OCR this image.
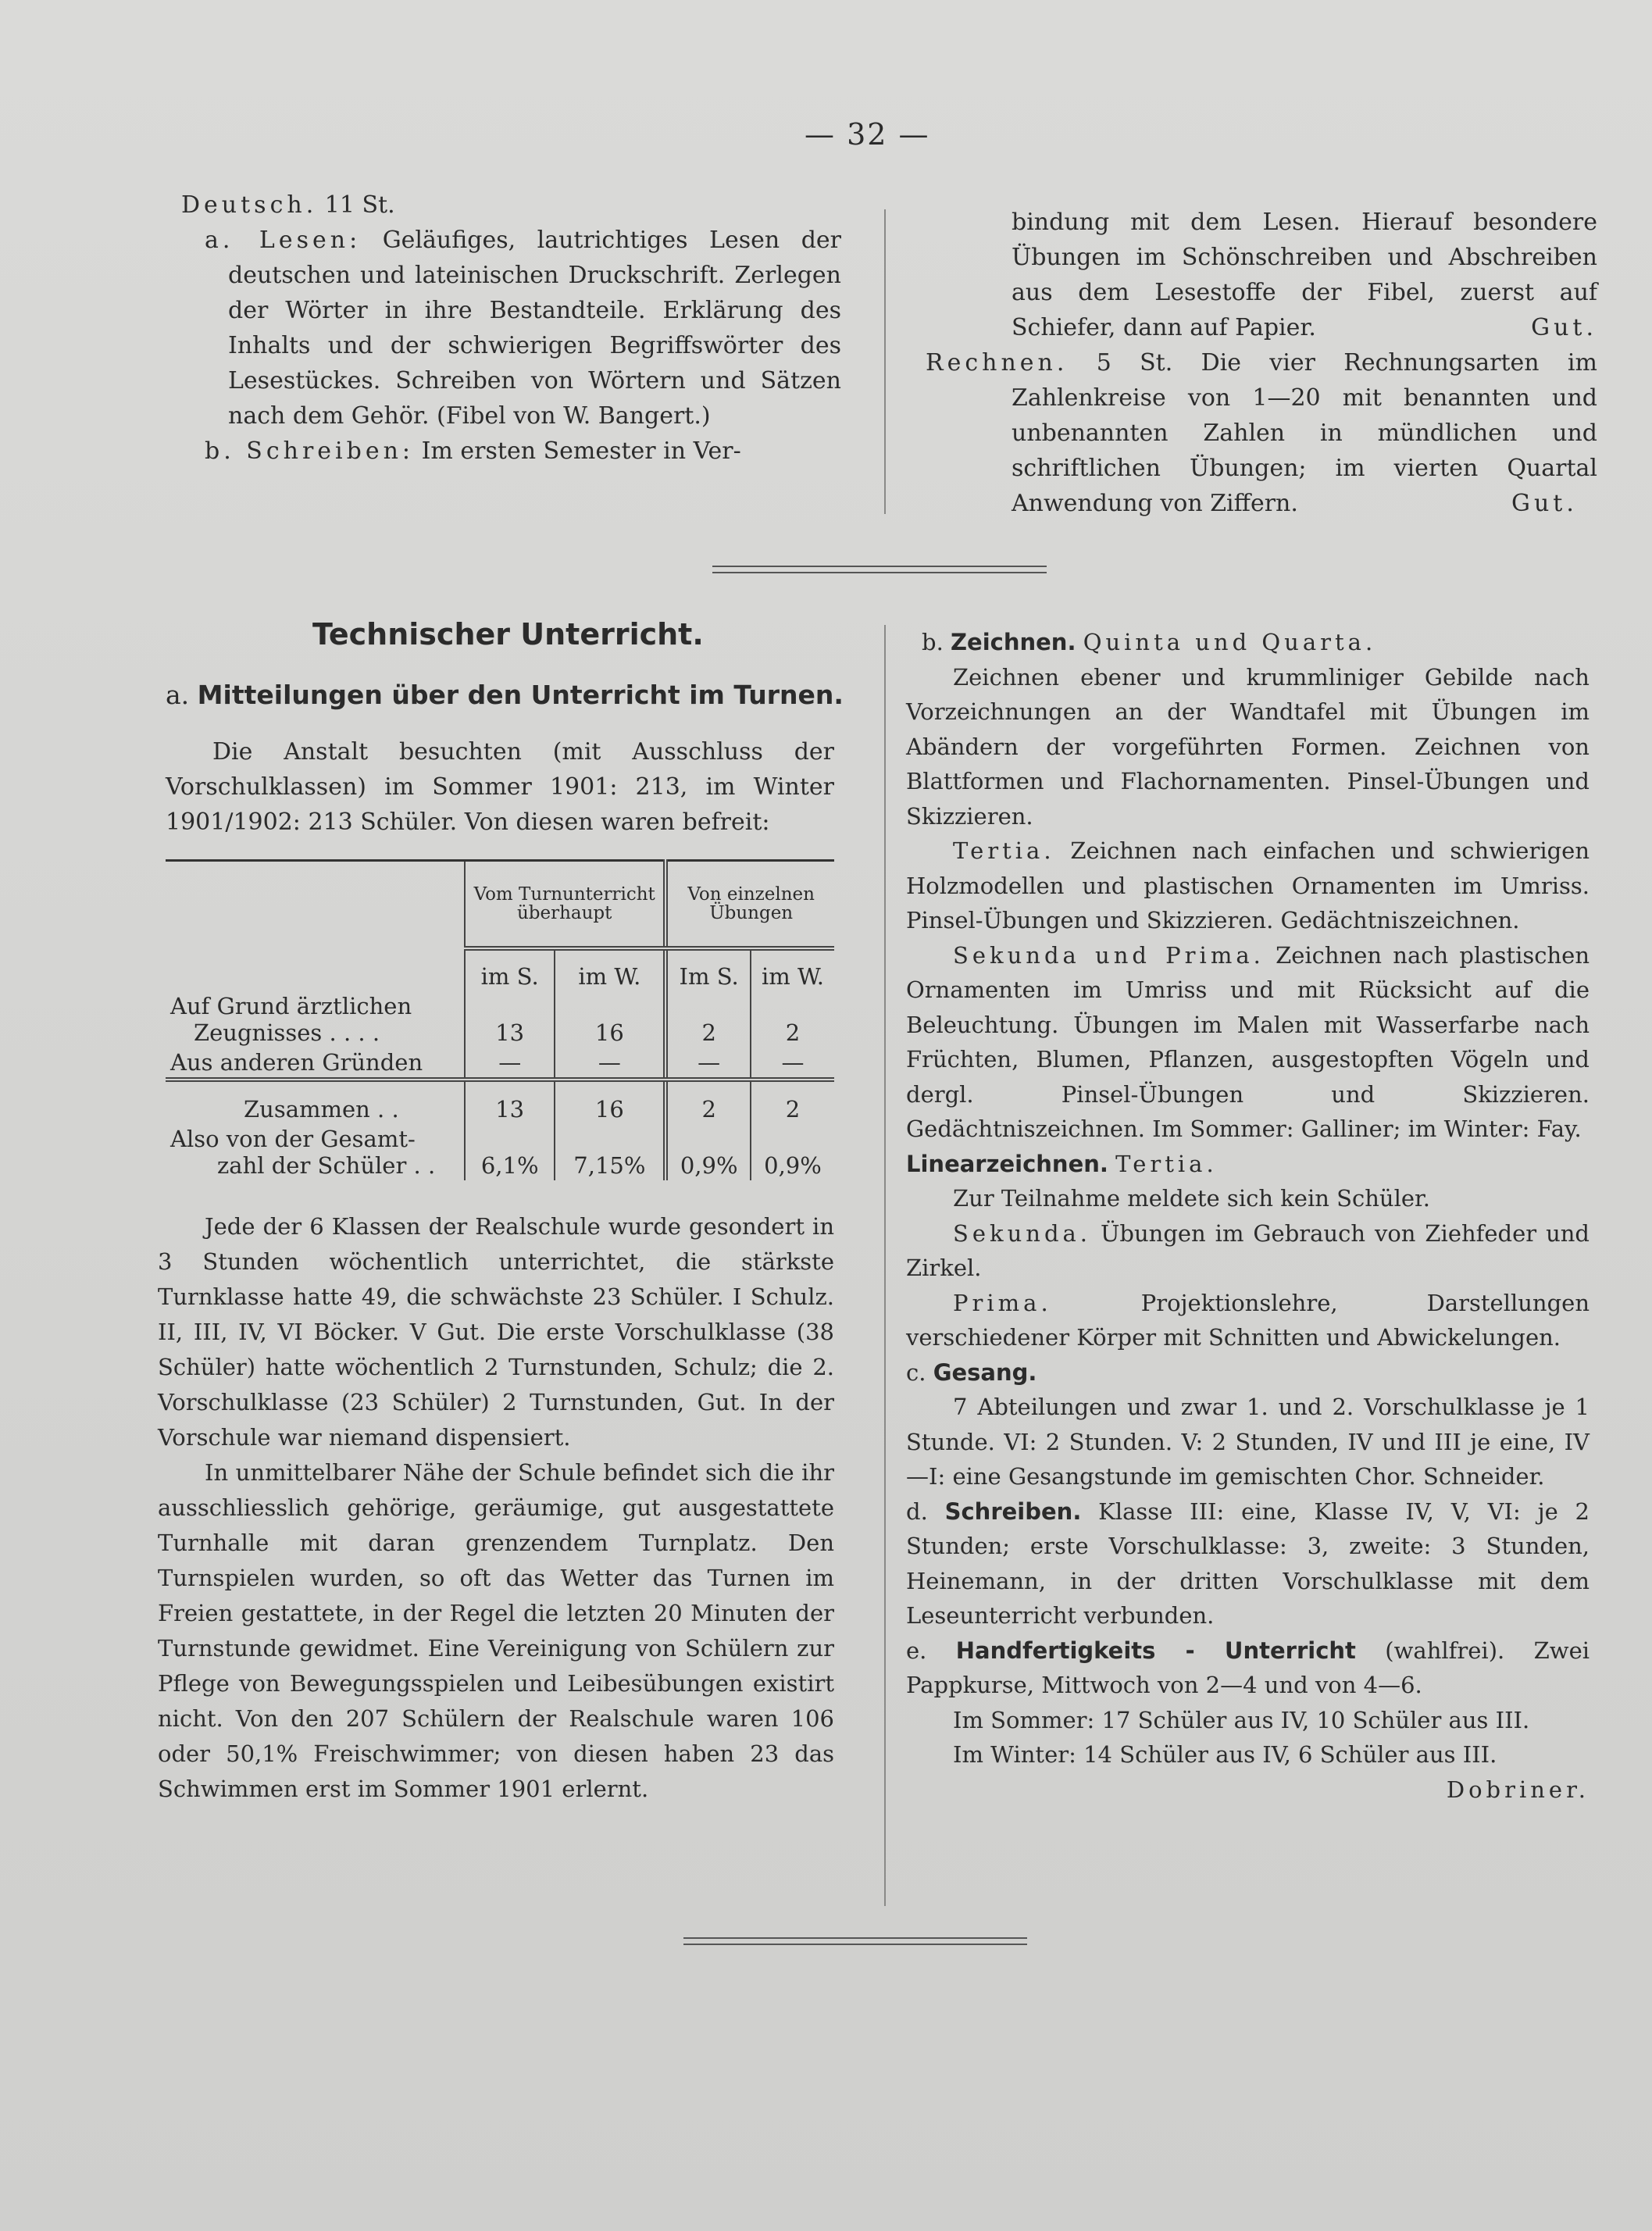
— 32 —

Deutsch. 11 St.

a. Lesen: Geläufiges, lautrichtiges Lesen der deutschen und lateinischen Druckschrift. Zerlegen der Wörter in ihre Bestandteile. Erklärung des Inhalts und der schwierigen Begriffswörter des Lesestückes. Schreiben von Wörtern und Sätzen nach dem Gehör. (Fibel von W. Bangert.)

b. Schreiben: Im ersten Semester in Ver-

bindung mit dem Lesen. Hierauf besondere Übungen im Schönschreiben und Abschreiben aus dem Lesestoffe der Fibel, zuerst auf Schiefer, dann auf Papier.	Gut.

Rechnen. 5 St. Die vier Rechnungsarten im Zahlenkreise von 1—20 mit benannten und unbenannten Zahlen in mündlichen und schriftlichen Übungen; im vierten Quartal Anwendung von Ziffern.	Gut.

Technischer Unterricht.
a. Mitteilungen über den Unterricht im Turnen.
Die Anstalt besuchten (mit Ausschluss der Vorschulklassen) im Sommer 1901: 213, im Winter 1901/1902: 213 Schüler. Von diesen waren befreit:
	Vom Turnunterricht überhaupt		Von einzelnen Übungen	
	im S.	im W.	Im S.	im W.

Auf Grund ärztlichen
Zeugnisses . . . .	13	16	2	2
Aus anderen Gründen	—	—	—	—
Zusammen . .	13	16	2	2

Also von der Gesamt-
zahl der Schüler . .	6,1%	7,15%	0,9%	0,9%

Jede der 6 Klassen der Realschule wurde gesondert in 3 Stunden wöchentlich unterrichtet, die stärkste Turnklasse hatte 49, die schwächste 23 Schüler. I Schulz. II, III, IV, VI Böcker. V Gut. Die erste Vorschulklasse (38 Schüler) hatte wöchentlich 2 Turnstunden, Schulz; die 2. Vorschulklasse (23 Schüler) 2 Turnstunden, Gut. In der Vorschule war niemand dispensiert.

In unmittelbarer Nähe der Schule befindet sich die ihr ausschliesslich gehörige, geräumige, gut ausgestattete Turnhalle mit daran grenzendem Turnplatz. Den Turnspielen wurden, so oft das Wetter das Turnen im Freien gestattete, in der Regel die letzten 20 Minuten der Turnstunde gewidmet. Eine Vereinigung von Schülern zur Pflege von Bewegungsspielen und Leibesübungen existirt nicht. Von den 207 Schülern der Realschule waren 106 oder 50,1% Freischwimmer; von diesen haben 23 das Schwimmen erst im Sommer 1901 erlernt.

b. Zeichnen. Quinta und Quarta.

Zeichnen ebener und krummliniger Gebilde nach Vorzeichnungen an der Wandtafel mit Übungen im Abändern der vorgeführten Formen. Zeichnen von Blattformen und Flachornamenten. Pinsel-Übungen und Skizzieren.

Tertia. Zeichnen nach einfachen und schwierigen Holzmodellen und plastischen Ornamenten im Umriss. Pinsel-Übungen und Skizzieren. Gedächtniszeichnen.

Sekunda und Prima. Zeichnen nach plastischen Ornamenten im Umriss und mit Rücksicht auf die Beleuchtung. Übungen im Malen mit Wasserfarbe nach Früchten, Blumen, Pflanzen, ausgestopften Vögeln und dergl. Pinsel-Übungen und Skizzieren. Gedächtniszeichnen. Im Sommer: Galliner; im Winter: Fay.

Linearzeichnen. Tertia.

Zur Teilnahme meldete sich kein Schüler.

Sekunda. Übungen im Gebrauch von Ziehfeder und Zirkel.

Prima.	Projektionslehre, Darstellungen verschiedener Körper mit Schnitten und Abwickelungen.

c. Gesang.

7 Abteilungen und zwar 1. und 2. Vorschulklasse je 1 Stunde. VI: 2 Stunden. V: 2 Stunden, IV und III je eine, IV—I: eine Gesangstunde im gemischten Chor. Schneider.

d. Schreiben. Klasse III: eine, Klasse IV, V, VI: je 2 Stunden; erste Vorschulklasse: 3, zweite: 3 Stunden, Heinemann, in der dritten Vorschulklasse mit dem Leseunterricht verbunden.

e. Handfertigkeits - Unterricht (wahlfrei). Zwei Pappkurse, Mittwoch von 2—4 und von 4—6.

Im Sommer: 17 Schüler aus IV, 10 Schüler aus III.

Im Winter: 14 Schüler aus IV, 6 Schüler aus III.

Dobriner.
